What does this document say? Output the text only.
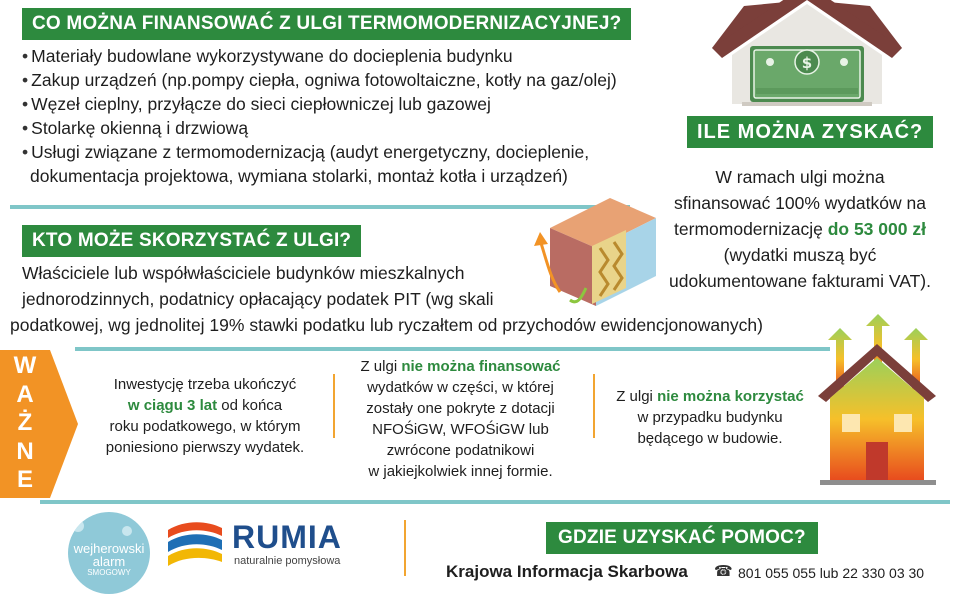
CO MOŻNA FINANSOWAĆ Z ULGI TERMOMODERNIZACYJNEJ?
• Materiały budowlane wykorzystywane do docieplenia budynku
• Zakup urządzeń (np.pompy ciepła, ogniwa fotowoltaiczne, kotły na gaz/olej)
• Węzeł cieplny, przyłącze do sieci ciepłowniczej lub gazowej
• Stolarkę okienną i drzwiową
• Usługi związane z termomodernizacją (audyt energetyczny, docieplenie,
dokumentacja projektowa, wymiana stolarki, montaż kotła i urządzeń)
$
ILE MOŻNA ZYSKAĆ?
W ramach ulgi można
sfinansować 100% wydatków na
termomodernizację do 53 000 zł
(wydatki muszą być
udokumentowane fakturami VAT).
KTO MOŻE SKORZYSTAĆ Z ULGI?
Właściciele lub współwłaściciele budynków mieszkalnych
jednorodzinnych, podatnicy opłacający podatek PIT (wg skali
podatkowej, wg jednolitej 19% stawki podatku lub ryczałtem od przychodów ewidencjonowanych)
W
A
Ż
N
E
Inwestycję trzeba ukończyć
w ciągu 3 lat od końca
roku podatkowego, w którym
poniesiono pierwszy wydatek.
Z ulgi nie można finansować
wydatków w części, w której
zostały one pokryte z dotacji
NFOŚiGW, WFOŚiGW lub
zwrócone podatnikowi
w jakiejkolwiek innej formie.
Z ulgi nie można korzystać
w przypadku budynku
będącego w budowie.
wejherowski
alarm
SMOGOWY
RUMIA
naturalnie pomysłowa
GDZIE UZYSKAĆ POMOC?
Krajowa Informacja Skarbowa ☎ 801 055 055 lub 22 330 03 30
